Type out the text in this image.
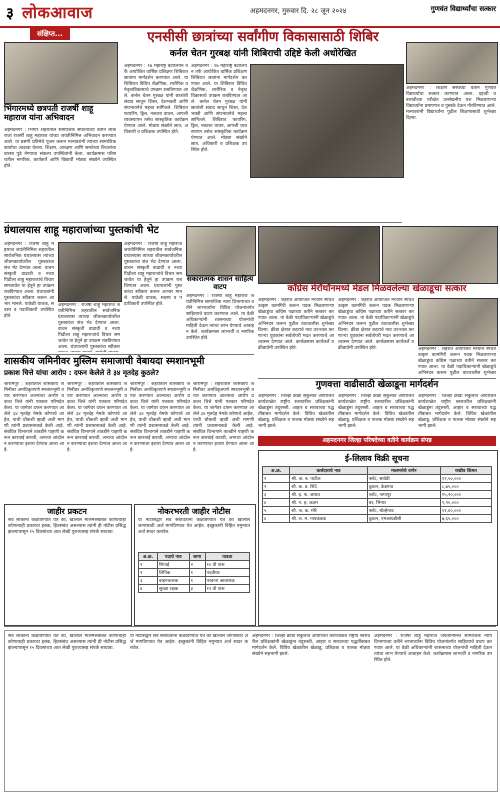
३ लोकआवाज	अहमदनगर, गुरुवार दि. २८ जून २०२४	गुणवंत विद्यार्थ्यांचा सत्कार
संक्षिप्त...	एनसीसी छात्रांच्या सर्वांगीण विकासासाठी शिबिर
कर्नल चेतन गुरबक्ष यांनी शिबिराची उद्दिष्टे केली अधोरेखित
अहमदनगर : १७ महाराष्ट्र बटालियन तर्फे आयोजित वार्षिक प्रशिक्षण शिबिरात छात्रांना मार्गदर्शन करण्यात आले. या शिबिरात विविध शैक्षणिक, शारीरिक व नेतृत्वविकासाचे उपक्रम राबविण्यात आले. कर्नल चेतन गुरबक्ष यांनी छात्रांशी संवाद साधून शिस्त, देशभक्ती आणि संघभावनेचे महत्त्व सांगितले. शिबिरात फायरिंग, ड्रिल, नकाशा वाचन, आपत्ती व्यवस्थापन तसेच सांस्कृतिक कार्यक्रम घेण्यात आले. मोठ्या संख्येने छात्र, अधिकारी व प्रशिक्षक उपस्थित होते.
अहमदनगर : १७ महाराष्ट्र बटालियन तर्फे आयोजित वार्षिक प्रशिक्षण शिबिरात छात्रांना मार्गदर्शन करण्यात आले. या शिबिरात विविध शैक्षणिक, शारीरिक व नेतृत्वविकासाचे उपक्रम राबविण्यात आले. कर्नल चेतन गुरबक्ष यांनी छात्रांशी संवाद साधून शिस्त, देशभक्ती आणि संघभावनेचे महत्त्व सांगितले. शिबिरात फायरिंग, ड्रिल, नकाशा वाचन, आपत्ती व्यवस्थापन तसेच सांस्कृतिक कार्यक्रम घेण्यात आले. मोठ्या संख्येने छात्र, अधिकारी व प्रशिक्षक उपस्थित होते.
भिंगारमध्ये छत्रपती राजर्षी शाहू महाराज यांना अभिवादन
अहमदनगर : भिंगार शहरातील सामाजिक संघटनांच्या वतीने लोकराजा राजर्षी शाहू महाराज यांच्या जयंतीनिमित्त अभिवादन करण्यात आले. या प्रसंगी प्रतिमेचे पूजन करून मान्यवरांनी त्यांच्या सामाजिक कार्याचा आढावा घेतला. शिक्षण, आरक्षण आणि समतेच्या विचारांचा वारसा पुढे नेण्याचा संकल्प उपस्थितांनी केला. कार्यक्रमास परिसरातील नागरिक, कार्यकर्ते आणि विद्यार्थी मोठ्या संख्येने उपस्थित होते.
ग्रंथालयास शाहू महाराजांच्या पुस्तकांची भेट
अहमदनगर : राजर्षी शाहू महाराज जयंतीनिमित्त शहरातील सार्वजनिक ग्रंथालयास त्यांच्या जीवनकार्यावरील पुस्तकांचा संच भेट देण्यात आला. वाचन संस्कृती वाढावी व नव्या पिढीला शाहू महाराजांचे विचार समजावेत या हेतूने हा उपक्रम राबविण्यात आला. ग्रंथपालांनी पुस्तकांचा स्वीकार करून आभार मानले. यावेळी वाचक, सदस्य व पदाधिकारी उपस्थित होते.
अहमदनगर : राजर्षी शाहू महाराज जयंतीनिमित्त शहरातील सार्वजनिक ग्रंथालयास त्यांच्या जीवनकार्यावरील पुस्तकांचा संच भेट देण्यात आला. वाचन संस्कृती वाढावी व नव्या पिढीला शाहू महाराजांचे विचार समजावेत या हेतूने हा उपक्रम राबविण्यात आला. ग्रंथपालांनी पुस्तकांचा स्वीकार
अहमदनगर : राजर्षी शाहू महाराज जयंतीनिमित्त शहरातील सार्वजनिक ग्रंथालयास त्यांच्या जीवनकार्यावरील पुस्तकांचा संच भेट देण्यात आला. वाचन संस्कृती वाढावी व नव्या पिढीला शाहू महाराजांचे विचार समजावेत या हेतूने हा उपक्रम राबविण्यात आला. ग्रंथपालांनी पुस्तकांचा स्वीकार करून आभार मानले. यावेळी वाचक, सदस्य व पदाधिकारी उपस्थित होते.
सकारात्मक शासन साहित्य वाटप
अहमदनगर : राजर्षी शाहू महाराज जयंतीनिमित्त सामाजिक न्याय विभागाच्या वतीने लाभार्थ्यांना विविध योजनांतर्गत साहित्याचे वाटप करण्यात आले. या वेळी अधिकाऱ्यांनी शासनाच्या योजनांची माहिती देऊन त्यांचा लाभ घेण्याचे आवाहन केले. कार्यक्रमास लाभार्थी व नागरिक उपस्थित होते.
शासकीय जमिनीवर मुस्लिम समाजाची वेबायदा स्मशानभूमी
प्रकाश चित्ते यांचा आरोप : दफन केलेले ते ३४ मृतदेह कुठले?
श्रीरामपूर : शहरातील शासकीय जमिनीवर अनधिकृतपणे स्मशानभूमी तयार करण्यात आल्याचा आरोप प्रकाश चित्ते यांनी पत्रकार परिषदेत केला. या जागेवर दफन करण्यात आलेले ३४ मृतदेह नेमके कोणाचे आहेत, याची चौकशी व्हावी अशी मागणी त्यांनी प्रशासनाकडे केली आहे. संबंधित विभागाने तातडीने पाहणी करून कारवाई करावी, अन्यथा आंदोलन करण्याचा इशारा देण्यात आला आहे.
श्रीरामपूर : शहरातील शासकीय जमिनीवर अनधिकृतपणे स्मशानभूमी तयार करण्यात आल्याचा आरोप प्रकाश चित्ते यांनी पत्रकार परिषदेत केला. या जागेवर दफन करण्यात आलेले ३४ मृतदेह नेमके कोणाचे आहेत, याची चौकशी व्हावी अशी मागणी त्यांनी प्रशासनाकडे केली आहे. संबंधित विभागाने तातडीने पाहणी करून कारवाई करावी, अन्यथा आंदोलन करण्याचा इशारा देण्यात आला आहे.
श्रीरामपूर : शहरातील शासकीय जमिनीवर अनधिकृतपणे स्मशानभूमी तयार करण्यात आल्याचा आरोप प्रकाश चित्ते यांनी पत्रकार परिषदेत केला. या जागेवर दफन करण्यात आलेले ३४ मृतदेह नेमके कोणाचे आहेत, याची चौकशी व्हावी अशी मागणी त्यांनी प्रशासनाकडे केली आहे. संबंधित विभागाने तातडीने पाहणी करून कारवाई करावी, अन्यथा आंदोलन करण्याचा इशारा देण्यात आला आहे.
श्रीरामपूर : शहरातील शासकीय जमिनीवर अनधिकृतपणे स्मशानभूमी तयार करण्यात आल्याचा आरोप प्रकाश चित्ते यांनी पत्रकार परिषदेत केला. या जागेवर दफन करण्यात आलेले ३४ मृतदेह नेमके कोणाचे आहेत, याची चौकशी व्हावी अशी मागणी त्यांनी प्रशासनाकडे केली आहे. संबंधित विभागाने तातडीने पाहणी करून कारवाई करावी, अन्यथा आंदोलन करण्याचा इशारा देण्यात आला आहे.
अहमदनगर : शिक्षण संस्थेच्या वतीने गुणवंत विद्यार्थ्यांचा सत्कार करण्यात आला. दहावी व बारावीच्या परीक्षेत उल्लेखनीय यश मिळवणाऱ्या विद्यार्थ्यांना प्रमाणपत्र व पुस्तके देऊन गौरविण्यात आले. मान्यवरांनी विद्यार्थ्यांना पुढील शिक्षणासाठी शुभेच्छा दिल्या.
काँग्रेस मेरॉथॉनमध्ये मेडल मिळवलेल्या खेळाडूचा सत्कार
अहमदनगर : शहरात आयोजित मॅरेथॉन स्पर्धेत उत्कृष्ट कामगिरी करून पदक मिळवणाऱ्या खेळाडूंचा काँग्रेस पक्षाच्या वतीने सत्कार करण्यात आला. या वेळी पदाधिकाऱ्यांनी खेळाडूंचे अभिनंदन करून पुढील वाटचालीस शुभेच्छा दिल्या. क्रीडा क्षेत्रात शहराचे नाव उज्ज्वल करणाऱ्या युवकांना सर्वतोपरी मदत करण्याचे आश्वासन देण्यात आले. कार्यक्रमास कार्यकर्ते व क्रीडाप्रेमी उपस्थित होते.
अहमदनगर : शहरात आयोजित मॅरेथॉन स्पर्धेत उत्कृष्ट कामगिरी करून पदक मिळवणाऱ्या खेळाडूंचा काँग्रेस पक्षाच्या वतीने सत्कार करण्यात आला. या वेळी पदाधिकाऱ्यांनी खेळाडूंचे अभिनंदन करून पुढील वाटचालीस शुभेच्छा दिल्या. क्रीडा क्षेत्रात शहराचे नाव उज्ज्वल करणाऱ्या युवकांना सर्वतोपरी मदत करण्याचे आश्वासन देण्यात आले. कार्यक्रमास कार्यकर्ते व क्रीडाप्रेमी उपस्थित होते.	अहमदनगर : शहरात आयोजित मॅरेथॉन स्पर्धेत उत्कृष्ट कामगिरी करून पदक मिळवणाऱ्या खेळाडूंचा काँग्रेस पक्षाच्या वतीने सत्कार करण्यात आला. या वेळी पदाधिकाऱ्यांनी खेळाडूंचे अभिनंदन करून पुढील वाटचालीस शुभेच्छा
गुणवत्ता वाढीसाठी खेळाडूना मार्गदर्शन
अहमदनगर : जिल्हा क्रीडा संकुलात आयोजित कार्यशाळेत राष्ट्रीय स्तरावरील प्रशिक्षकांनी खेळाडूंना तंदुरुस्ती, आहार व सरावाच्या पद्धतींबाबत मार्गदर्शन केले. विविध खेळांतील खेळाडू, प्रशिक्षक व पालक मोठ्या संख्येने सहभागी झाले.
अहमदनगर : जिल्हा क्रीडा संकुलात आयोजित कार्यशाळेत राष्ट्रीय स्तरावरील प्रशिक्षकांनी खेळाडूंना तंदुरुस्ती, आहार व सरावाच्या पद्धतींबाबत मार्गदर्शन केले. विविध खेळांतील खेळाडू, प्रशिक्षक व पालक मोठ्या संख्येने सहभागी झाले.
अहमदनगर : जिल्हा क्रीडा संकुलात आयोजित कार्यशाळेत राष्ट्रीय स्तरावरील प्रशिक्षकांनी खेळाडूंना तंदुरुस्ती, आहार व सरावाच्या पद्धतींबाबत मार्गदर्शन केले. विविध खेळांतील खेळाडू, प्रशिक्षक व पालक मोठ्या संख्येने सहभागी झाले.
अहमदनगर जिल्हा परिषदेच्या वतीने कार्यक्रम संपन्न
नोकरभरती जाहीर नोटीस
या नोटीसद्वारे सर्व संबंधितांना कळविण्यात येते की खालील जागांसाठी अर्ज मागविण्यात येत आहेत. इच्छुकांनी विहित नमुन्यात अर्ज सादर करावेत.
अ.क्र.	पदाचे नाव	जागा	पात्रता
१	शिपाई	२	१० वी पास
२	लिपिक	१	पदवीधर
३	वाहनचालक	१	परवाना आवश्यक
४	सुरक्षा रक्षक	३	१२ वी पास
जाहीर प्रकटन
सर्व लोकांना कळविण्यात येते की, खालील मालमत्तेबाबत कोणाचाही कोणत्याही प्रकारचा हक्क, हितसंबंध असल्यास त्यांनी ही नोटीस प्रसिद्ध झाल्यापासून १५ दिवसांच्या आत लेखी पुराव्यासह संपर्क साधावा.
ई-लिलाव विक्री सूचना
अ.क्र.	कर्जदाराचे नाव	मालमत्तेचे वर्णन	राखीव किंमत
१	श्री. अ. ब. पाटील	फ्लॅट, सावेडी	१२,५०,०००
२	सौ. क. ड. शिंदे	दुकान, केडगाव	८,७५,०००
३	श्री. इ. फ. जाधव	प्लॉट, नागापूर	१५,२०,०००
४	श्री. ग. ह. कदम	घर, भिंगार	९,९०,०००
५	सौ. ज. क. मोरे	फ्लॅट, बोल्हेगाव	११,४०,०००
६	श्री. ल. म. गायकवाड	दुकान, एमआयडीसी	७,६५,०००
सर्व लोकांना कळविण्यात येते की, खालील मालमत्तेबाबत कोणाचाही कोणत्याही प्रकारचा हक्क, हितसंबंध असल्यास त्यांनी ही नोटीस प्रसिद्ध झाल्यापासून १५ दिवसांच्या आत लेखी पुराव्यासह संपर्क साधावा.
या नोटीसद्वारे सर्व संबंधितांना कळविण्यात येते की खालील जागांसाठी अर्ज मागविण्यात येत आहेत. इच्छुकांनी विहित नमुन्यात अर्ज सादर करावेत.
अहमदनगर : जिल्हा क्रीडा संकुलात आयोजित कार्यशाळेत राष्ट्रीय स्तरावरील प्रशिक्षकांनी खेळाडूंना तंदुरुस्ती, आहार व सरावाच्या पद्धतींबाबत मार्गदर्शन केले. विविध खेळांतील खेळाडू, प्रशिक्षक व पालक मोठ्या संख्येने सहभागी झाले.
अहमदनगर : राजर्षी शाहू महाराज जयंतीनिमित्त सामाजिक न्याय विभागाच्या वतीने लाभार्थ्यांना विविध योजनांतर्गत साहित्याचे वाटप करण्यात आले. या वेळी अधिकाऱ्यांनी शासनाच्या योजनांची माहिती देऊन त्यांचा लाभ घेण्याचे आवाहन केले. कार्यक्रमास लाभार्थी व नागरिक उपस्थित होते.
